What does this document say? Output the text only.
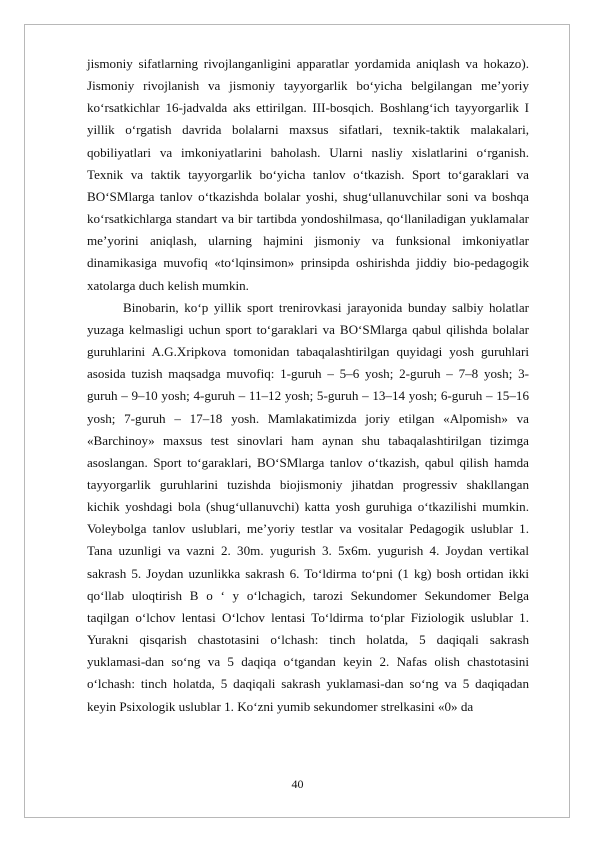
jismoniy sifatlarning rivojlanganligini apparatlar yordamida aniqlash va hokazo). Jismoniy rivojlanish va jismoniy tayyorgarlik bo‘yicha belgilangan me’yoriy ko‘rsatkichlar 16-jadvalda aks ettirilgan. III-bosqich. Boshlang‘ich tayyorgarlik I yillik o‘rgatish davrida bolalarni maxsus sifatlari, texnik-taktik malakalari, qobiliyatlari va imkoniyatlarini baholash. Ularni nasliy xislatlarini o‘rganish. Texnik va taktik tayyorgarlik bo‘yicha tanlov o‘tkazish. Sport to‘garaklari va BO‘SMlarga tanlov o‘tkazishda bolalar yoshi, shug‘ullanuvchilar soni va boshqa ko‘rsatkichlarga standart va bir tartibda yondoshilmasa, qo‘llaniladigan yuklamalar me’yorini aniqlash, ularning hajmini jismoniy va funksional imkoniyatlar dinamikasiga muvofiq «to‘lqinsimon» prinsipda oshirishda jiddiy bio-pedagogik xatolarga duch kelish mumkin.

Binobarin, ko‘p yillik sport trenirovkasi jarayonida bunday salbiy holatlar yuzaga kelmasligi uchun sport to‘garaklari va BO‘SMlarga qabul qilishda bolalar guruhlarini A.G.Xripkova tomonidan tabaqalashtirilgan quyidagi yosh guruhlari asosida tuzish maqsadga muvofiq: 1-guruh – 5–6 yosh; 2-guruh – 7–8 yosh; 3-guruh – 9–10 yosh; 4-guruh – 11–12 yosh; 5-guruh – 13–14 yosh; 6-guruh – 15–16 yosh; 7-guruh – 17–18 yosh. Mamlakatimizda joriy etilgan «Alpomish» va «Barchinoy» maxsus test sinovlari ham aynan shu tabaqalashtirilgan tizimga asoslangan. Sport to‘garaklari, BO‘SMlarga tanlov o‘tkazish, qabul qilish hamda tayyorgarlik guruhlarini tuzishda biojismoniy jihatdan progressiv shakllangan kichik yoshdagi bola (shug‘ullanuvchi) katta yosh guruhiga o‘tkazilishi mumkin. Voleybolga tanlov uslublari, me’yoriy testlar va vositalar Pedagogik uslublar 1. Tana uzunligi va vazni 2. 30m. yugurish 3. 5x6m. yugurish 4. Joydan vertikal sakrash 5. Joydan uzunlikka sakrash 6. To‘ldirma to‘pni (1 kg) bosh ortidan ikki qo‘llab uloqtirish B o ‘ y o‘lchagich, tarozi Sekundomer Sekundomer Belga taqilgan o‘lchov lentasi O‘lchov lentasi To‘ldirma to‘plar Fiziologik uslublar 1. Yurakni qisqarish chastotasini o‘lchash: tinch holatda, 5 daqiqali sakrash yuklamasi-dan so‘ng va 5 daqiqa o‘tgandan keyin 2. Nafas olish chastotasini o‘lchash: tinch holatda, 5 daqiqali sakrash yuklamasi-dan so‘ng va 5 daqiqadan keyin Psixologik uslublar 1. Ko‘zni yumib sekundomer strelkasini «0» da

40
